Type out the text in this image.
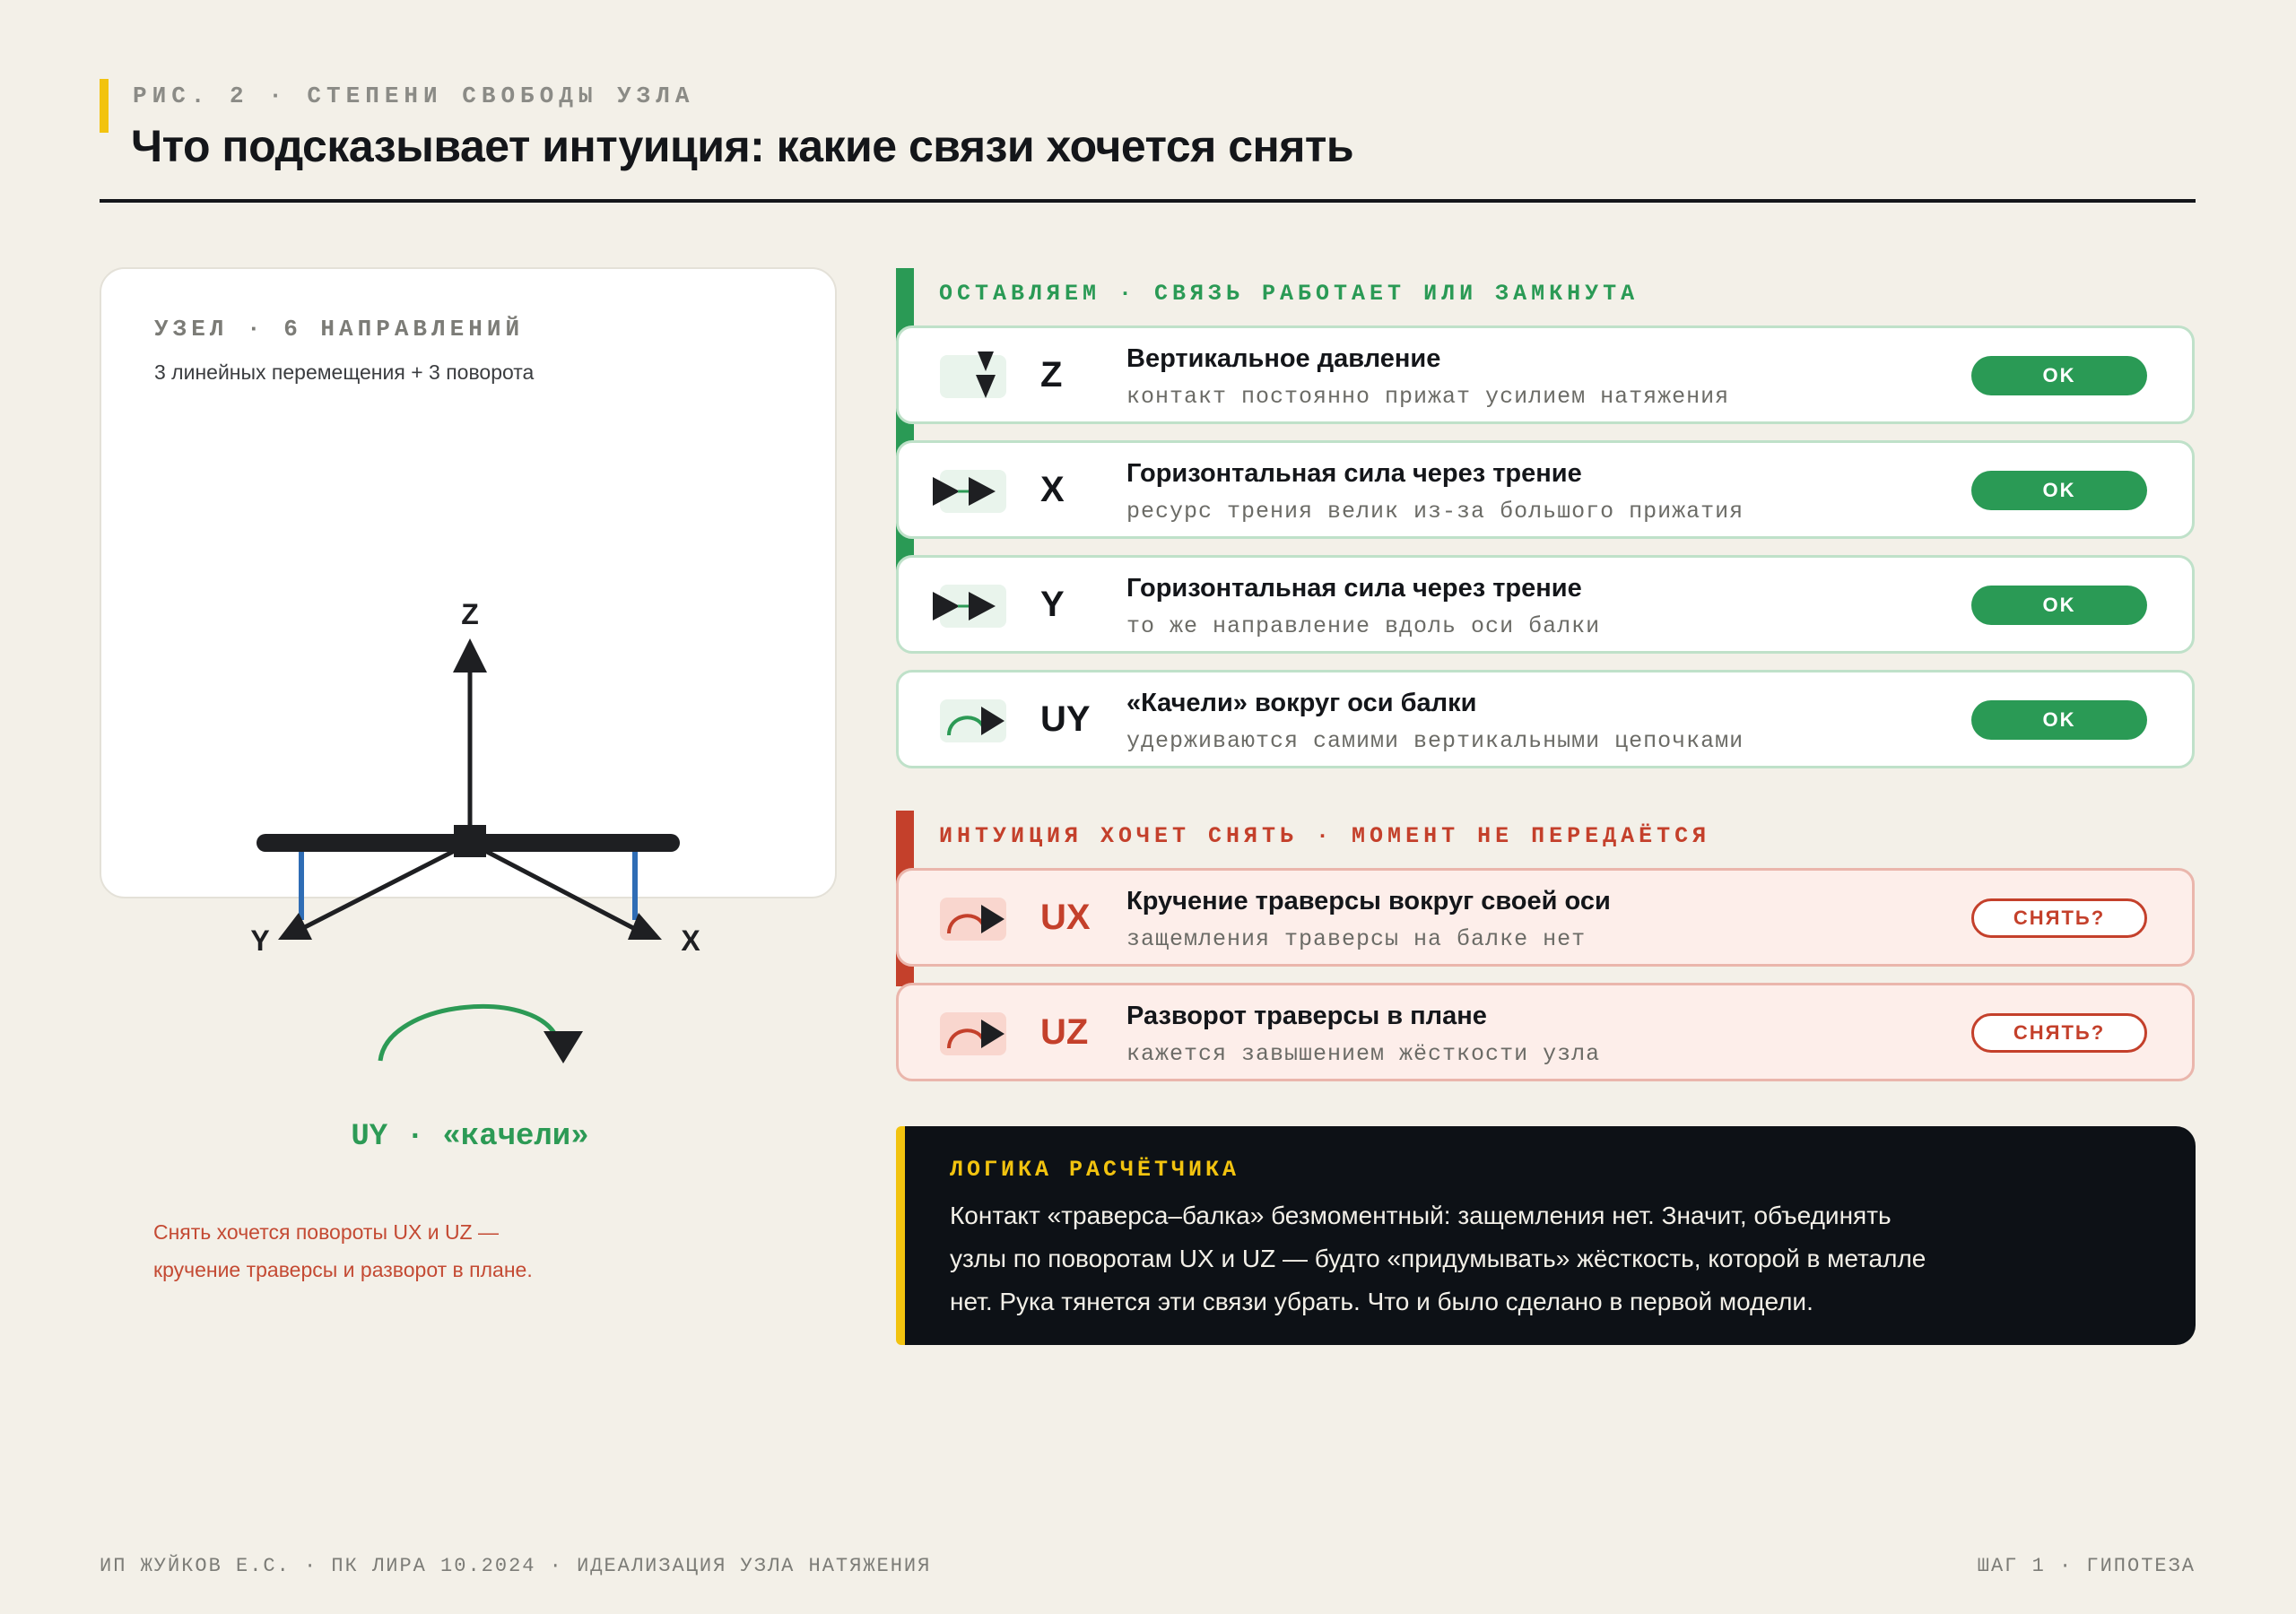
РИС. 2 · СТЕПЕНИ СВОБОДЫ УЗЛА
Что подсказывает интуиция: какие связи хочется снять
УЗЕЛ · 6 НАПРАВЛЕНИЙ
3 линейных перемещения + 3 поворота
Z
Y	X
UY · «качели»
Снять хочется повороты UX и UZ —
кручение траверсы и разворот в плане.
ОСТАВЛЯЕМ · СВЯЗЬ РАБОТАЕТ ИЛИ ЗАМКНУТА
Z Вертикальное давление
контакт постоянно прижат усилием натяжения
OK
X Горизонтальная сила через трение
ресурс трения велик из-за большого прижатия
OK
Y Горизонтальная сила через трение
то же направление вдоль оси балки
OK
UY «Качели» вокруг оси балки
удерживаются самими вертикальными цепочками
OK
ИНТУИЦИЯ ХОЧЕТ СНЯТЬ · МОМЕНТ НЕ ПЕРЕДАЁТСЯ
UX Кручение траверсы вокруг своей оси
защемления траверсы на балке нет
СНЯТЬ?
UZ Разворот траверсы в плане
кажется завышением жёсткости узла
СНЯТЬ?
ЛОГИКА РАСЧЁТЧИКА
Контакт «траверса–балка» безмоментный: защемления нет. Значит, объединять
узлы по поворотам UX и UZ — будто «придумывать» жёсткость, которой в металле
нет. Рука тянется эти связи убрать. Что и было сделано в первой модели.
ИП ЖУЙКОВ Е.С. · ПК ЛИРА 10.2024 · ИДЕАЛИЗАЦИЯ УЗЛА НАТЯЖЕНИЯ	ШАГ 1 · ГИПОТЕЗА
